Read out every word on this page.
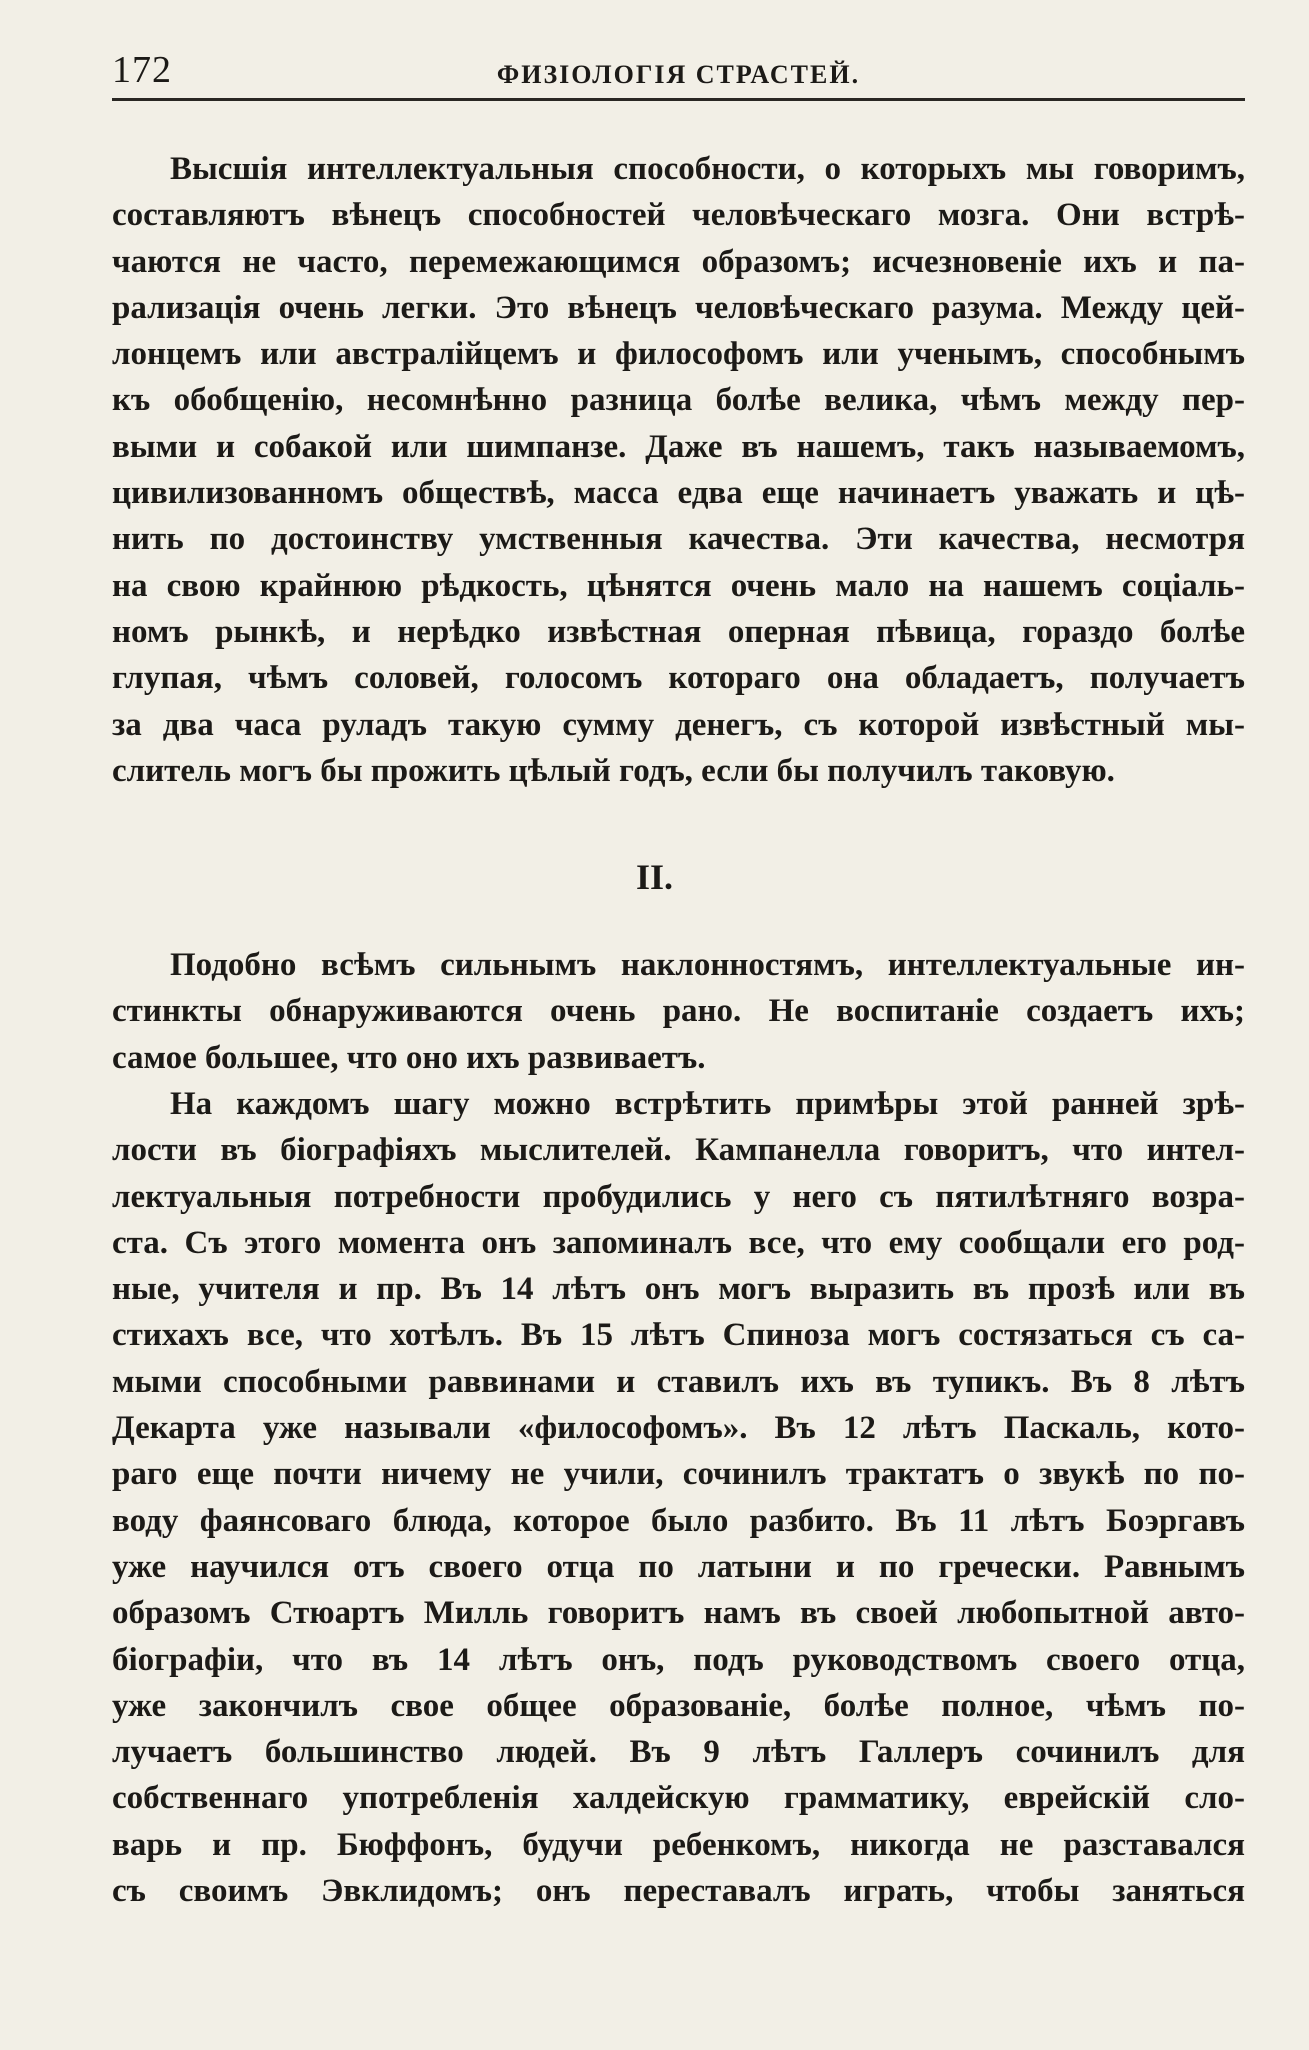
172	ФИЗІОЛОГІЯ СТРАСТЕЙ.
Высшія интеллектуальныя способности, о которыхъ мы говоримъ,
составляютъ вѣнецъ способностей человѣческаго мозга. Они встрѣ-
чаются не часто, перемежающимся образомъ; исчезновеніе ихъ и па-
рализація очень легки. Это вѣнецъ человѣческаго разума. Между цей-
лонцемъ или австралійцемъ и философомъ или ученымъ, способнымъ
къ обобщенію, несомнѣнно разница болѣе велика, чѣмъ между пер-
выми и собакой или шимпанзе. Даже въ нашемъ, такъ называемомъ,
цивилизованномъ обществѣ, масса едва еще начинаетъ уважать и цѣ-
нить по достоинству умственныя качества. Эти качества, несмотря
на свою крайнюю рѣдкость, цѣнятся очень мало на нашемъ соціаль-
номъ рынкѣ, и нерѣдко извѣстная оперная пѣвица, гораздо болѣе
глупая, чѣмъ соловей, голосомъ котораго она обладаетъ, получаетъ
за два часа руладъ такую сумму денегъ, съ которой извѣстный мы-
слитель могъ бы прожить цѣлый годъ, если бы получилъ таковую.
II.
Подобно всѣмъ сильнымъ наклонностямъ, интеллектуальные ин-
стинкты обнаруживаются очень рано. Не воспитаніе создаетъ ихъ;
самое большее, что оно ихъ развиваетъ.
На каждомъ шагу можно встрѣтить примѣры этой ранней зрѣ-
лости въ біографіяхъ мыслителей. Кампанелла говоритъ, что интел-
лектуальныя потребности пробудились у него съ пятилѣтняго возра-
ста. Съ этого момента онъ запоминалъ все, что ему сообщали его род-
ные, учителя и пр. Въ 14 лѣтъ онъ могъ выразить въ прозѣ или въ
стихахъ все, что хотѣлъ. Въ 15 лѣтъ Спиноза могъ состязаться съ са-
мыми способными раввинами и ставилъ ихъ въ тупикъ. Въ 8 лѣтъ
Декарта уже называли «философомъ». Въ 12 лѣтъ Паскаль, кото-
раго еще почти ничему не учили, сочинилъ трактатъ о звукѣ по по-
воду фаянсоваго блюда, которое было разбито. Въ 11 лѣтъ Боэргавъ
уже научился отъ своего отца по латыни и по гречески. Равнымъ
образомъ Стюартъ Милль говоритъ намъ въ своей любопытной авто-
біографіи, что въ 14 лѣтъ онъ, подъ руководствомъ своего отца,
уже закончилъ свое общее образованіе, болѣе полное, чѣмъ по-
лучаетъ большинство людей. Въ 9 лѣтъ Галлеръ сочинилъ для
собственнаго употребленія халдейскую грамматику, еврейскій сло-
варь и пр. Бюффонъ, будучи ребенкомъ, никогда не разставался
съ своимъ Эвклидомъ; онъ переставалъ играть, чтобы заняться
